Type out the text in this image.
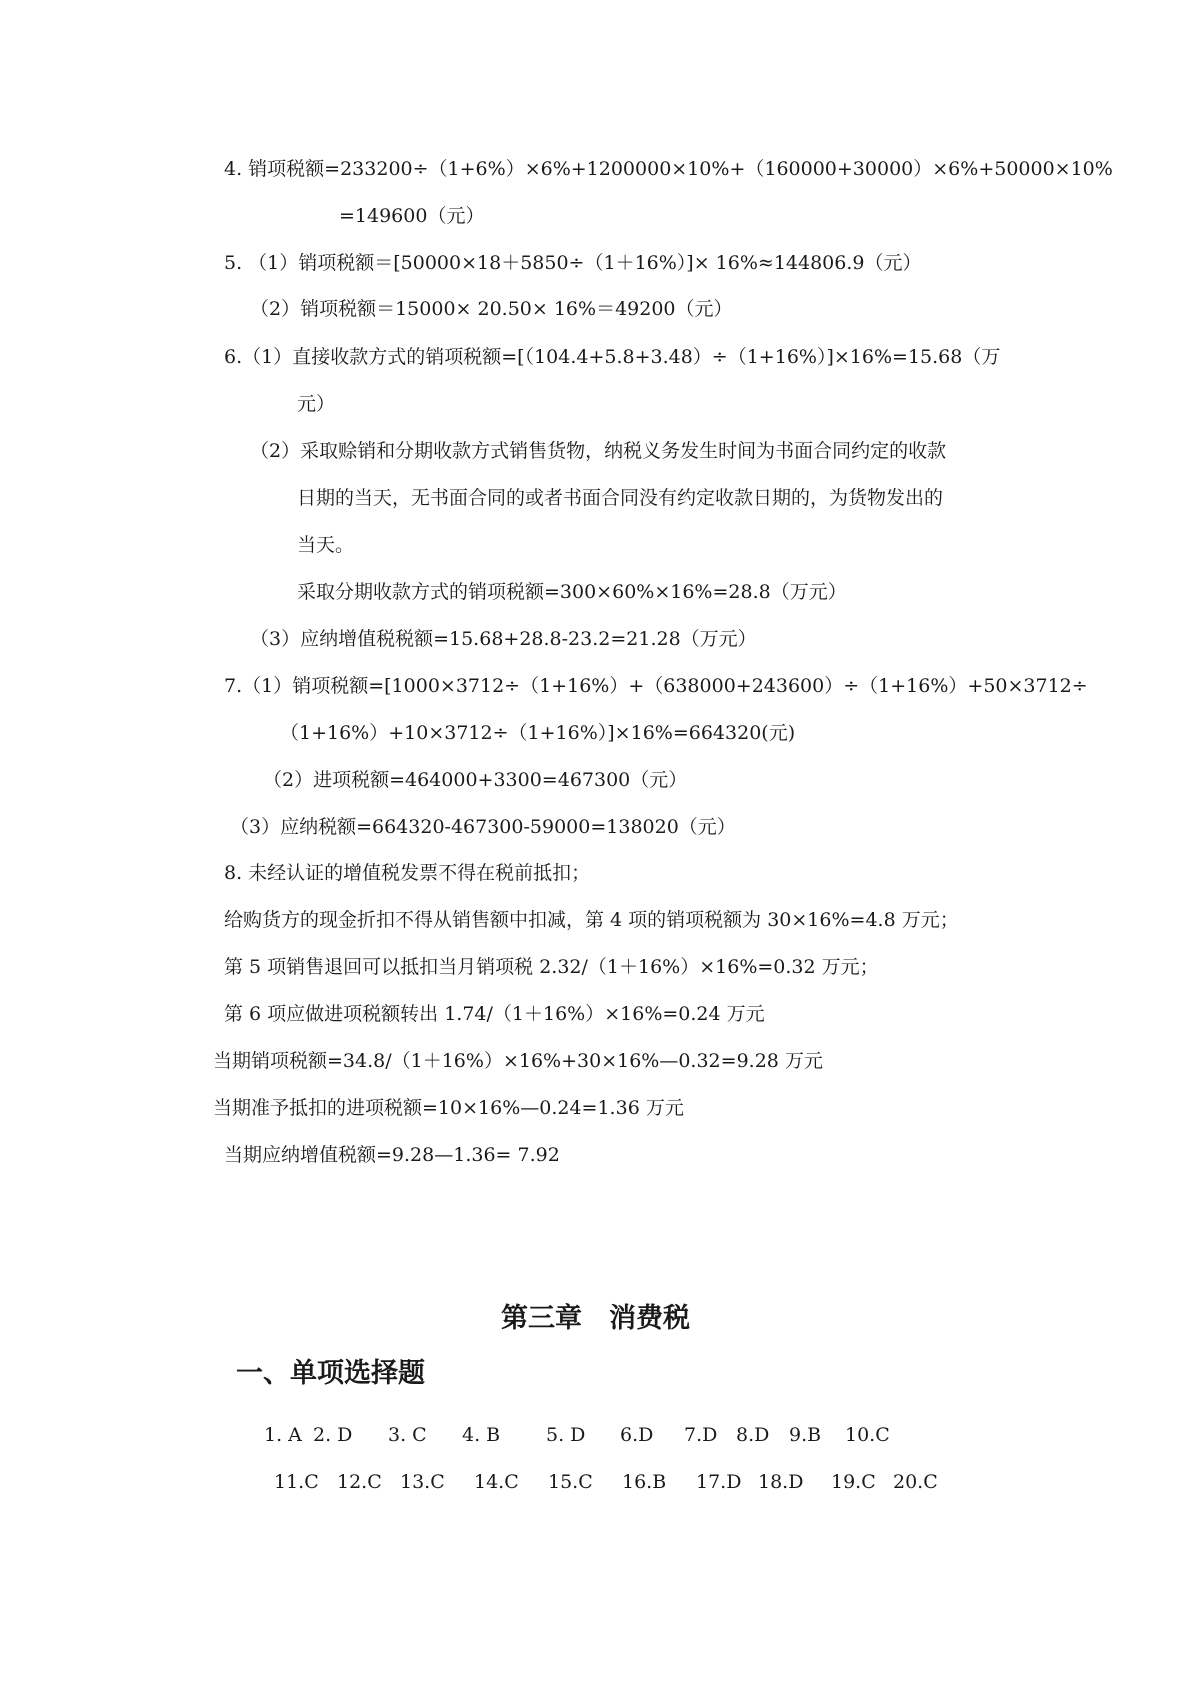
4. 销项税额=233200÷（1+6%）×6%+1200000×10%+（160000+30000）×6%+50000×10%
=149600（元）
5. （1）销项税额＝[50000×18＋5850÷（1＋16%）]× 16%≈144806.9（元）
（2）销项税额＝15000× 20.50× 16%＝49200（元）
6.（1）直接收款方式的销项税额=[（104.4+5.8+3.48）÷（1+16%）]×16%=15.68（万
元）
（2）采取赊销和分期收款方式销售货物，纳税义务发生时间为书面合同约定的收款
日期的当天，无书面合同的或者书面合同没有约定收款日期的，为货物发出的
当天。
采取分期收款方式的销项税额=300×60%×16%=28.8（万元）
（3）应纳增值税税额=15.68+28.8-23.2=21.28（万元）
7.（1）销项税额=[1000×3712÷（1+16%）+（638000+243600）÷（1+16%）+50×3712÷
（1+16%）+10×3712÷（1+16%）]×16%=664320(元)
（2）进项税额=464000+3300=467300（元）
（3）应纳税额=664320-467300-59000=138020（元）
8. 未经认证的增值税发票不得在税前抵扣；
给购货方的现金折扣不得从销售额中扣减，第 4 项的销项税额为 30×16%=4.8 万元；
第 5 项销售退回可以抵扣当月销项税 2.32/（1＋16%）×16%=0.32 万元；
第 6 项应做进项税额转出 1.74/（1＋16%）×16%=0.24 万元
当期销项税额=34.8/（1＋16%）×16%+30×16%—0.32=9.28 万元
当期准予抵扣的进项税额=10×16%—0.24=1.36 万元
当期应纳增值税额=9.28—1.36= 7.92
第三章　消费税
一、单项选择题
1. A 2. D 3. C 4. B 5. D 6.D 7.D 8.D 9.B 10.C
11.C 12.C 13.C 14.C 15.C 16.B 17.D 18.D 19.C 20.C
